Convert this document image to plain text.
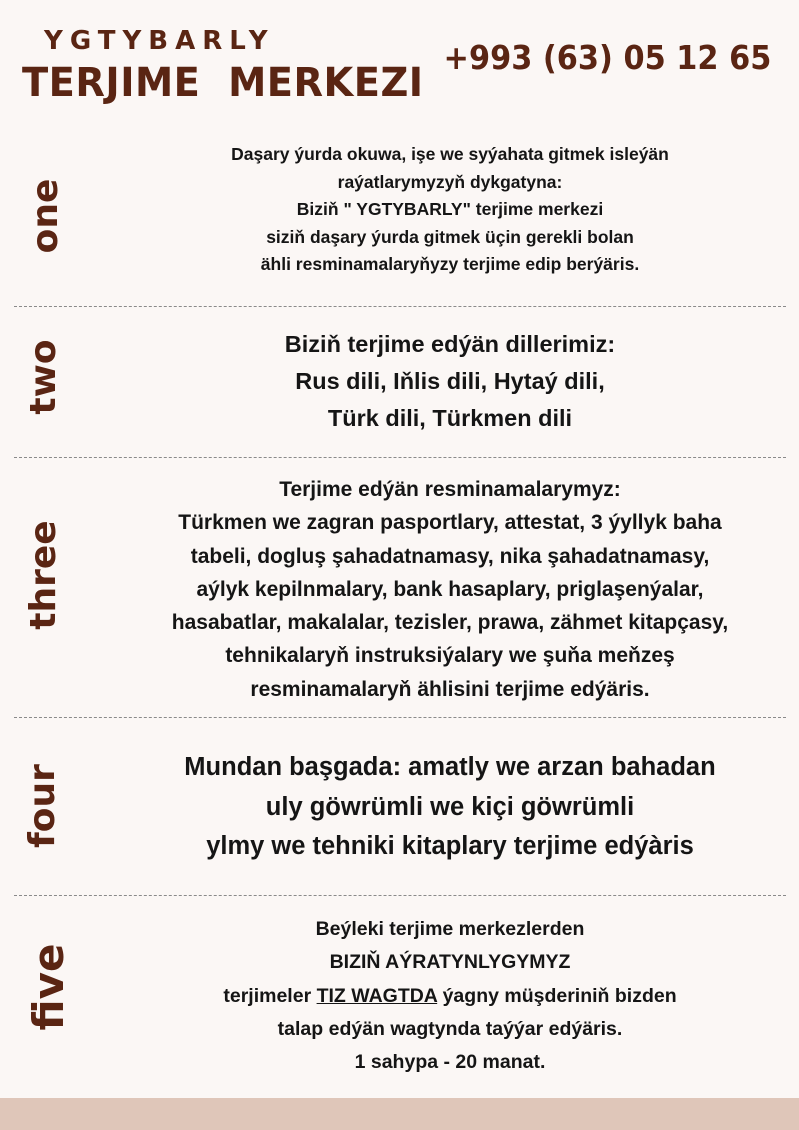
YGTYBARLY
TERJIME  MERKEZI
+993 (63) 05 12 65
one
Daşary ýurda okuwa, işe we syýahata gitmek isleýän
raýatlarymyzyň dykgatyna:
Biziň " YGTYBARLY" terjime merkezi
siziň daşary ýurda gitmek üçin gerekli bolan
ähli resminamalaryňyzy terjime edip berýäris.
two	Biziň terjime edýän dillerimiz:
Rus dili, Iňlis dili, Hytaý dili,
Türk dili, Türkmen dili
three
Terjime edýän resminamalarymyz:
Türkmen we zagran pasportlary, attestat, 3 ýyllyk baha
tabeli, dogluş şahadatnamasy, nika şahadatnamasy,
aýlyk kepilnmalary, bank hasaplary, priglaşenýalar,
hasabatlar, makalalar, tezisler, prawa, zähmet kitapçasy,
tehnikalaryň instruksiýalary we şuňa meňzeş
resminamalaryň ählisini terjime edýäris.
four	Mundan başgada: amatly we arzan bahadan
uly göwrümli we kiçi göwrümli
ylmy we tehniki kitaplary terjime edýàris
five
Beýleki terjime merkezlerden
BIZIŇ AÝRATYNLYGYMYZ
terjimeler TIZ WAGTDA ýagny müşderiniň bizden
talap edýän wagtynda taýýar edýäris.
1 sahypa - 20 manat.
